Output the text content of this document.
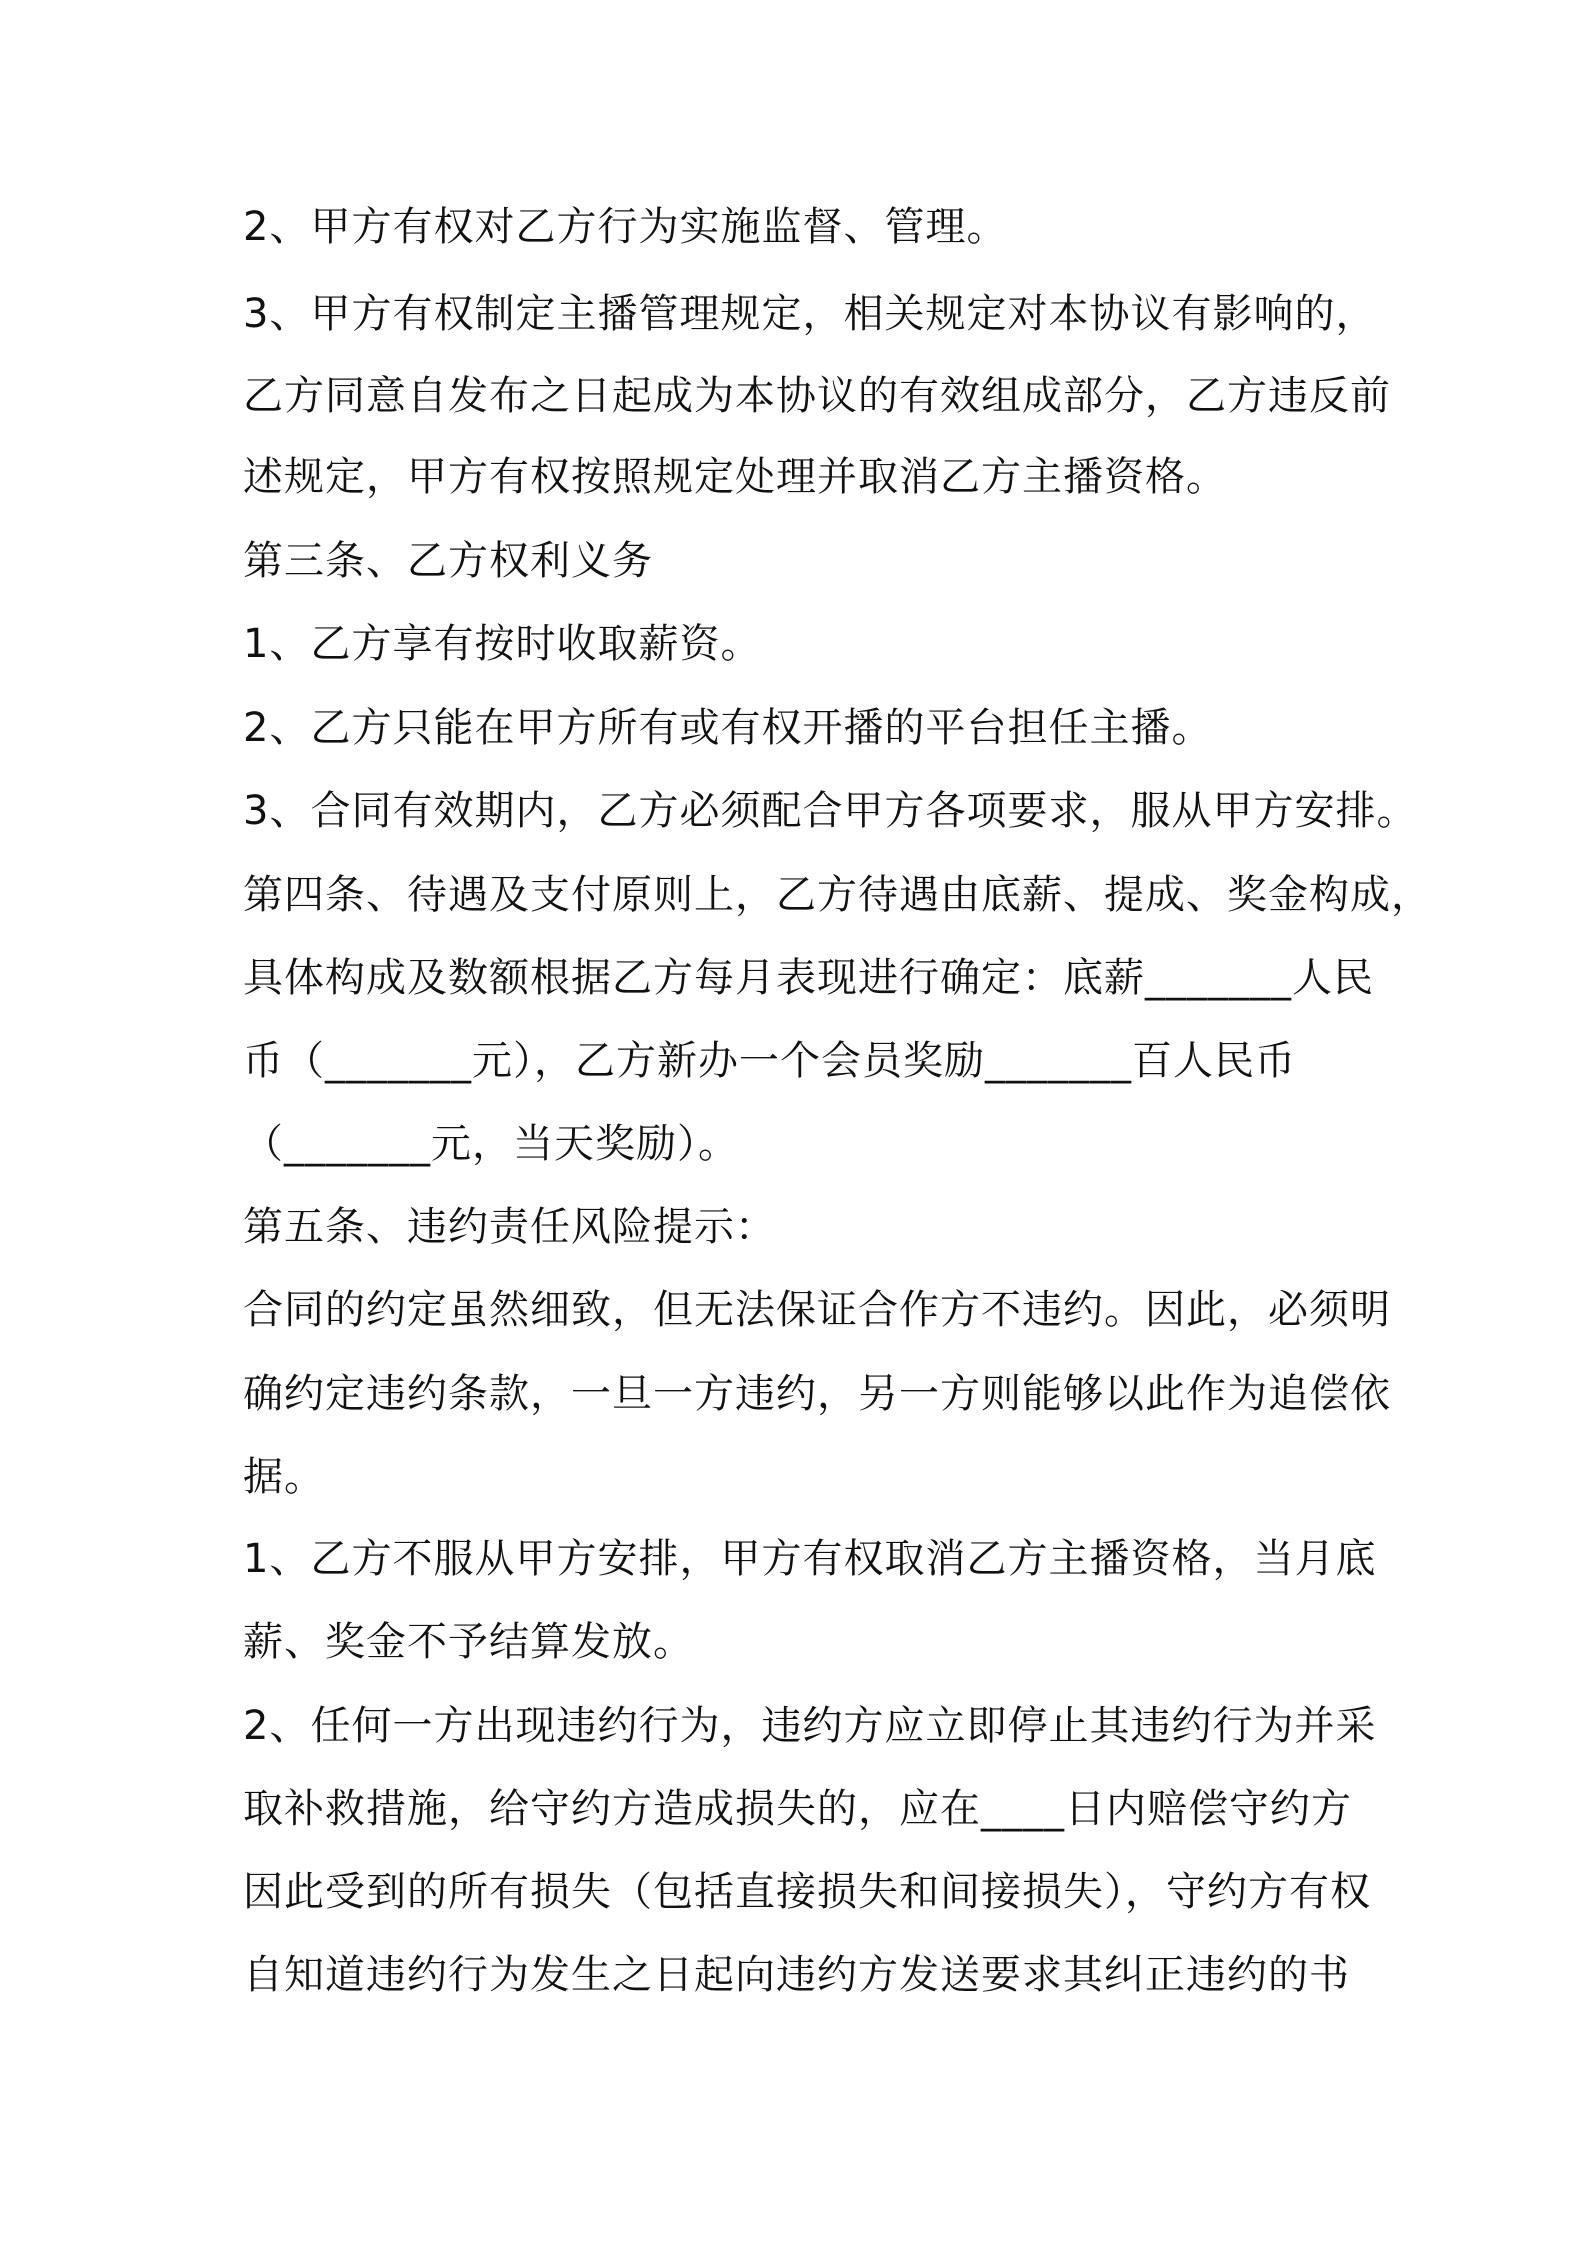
2、甲方有权对乙方行为实施监督、管理。
3、甲方有权制定主播管理规定，相关规定对本协议有影响的，
乙方同意自发布之日起成为本协议的有效组成部分，乙方违反前
述规定，甲方有权按照规定处理并取消乙方主播资格。
第三条、乙方权利义务
1、乙方享有按时收取薪资。
2、乙方只能在甲方所有或有权开播的平台担任主播。
3、合同有效期内，乙方必须配合甲方各项要求，服从甲方安排。
第四条、待遇及支付原则上，乙方待遇由底薪、提成、奖金构成，
具体构成及数额根据乙方每月表现进行确定：底薪_______人民
币（_______元），乙方新办一个会员奖励_______百人民币
（_______元，当天奖励）。
第五条、违约责任风险提示：
合同的约定虽然细致，但无法保证合作方不违约。因此，必须明
确约定违约条款，一旦一方违约，另一方则能够以此作为追偿依
据。
1、乙方不服从甲方安排，甲方有权取消乙方主播资格，当月底
薪、奖金不予结算发放。
2、任何一方出现违约行为，违约方应立即停止其违约行为并采
取补救措施，给守约方造成损失的，应在____日内赔偿守约方
因此受到的所有损失（包括直接损失和间接损失），守约方有权
自知道违约行为发生之日起向违约方发送要求其纠正违约的书
